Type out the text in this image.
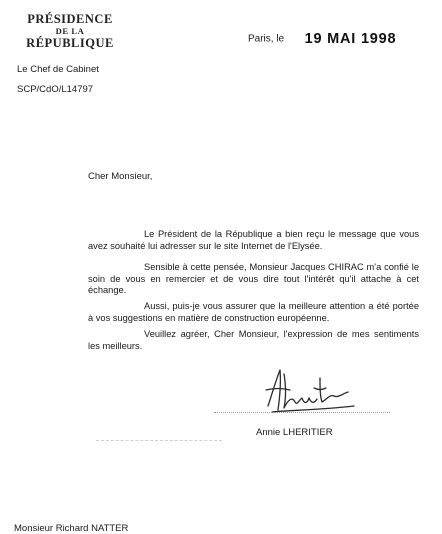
PRÉSIDENCE
DE LA
RÉPUBLIQUE
Le Chef de Cabinet
SCP/CdO/L14797
Paris, le 19 MAI 1998
Cher Monsieur,

Le Président de la République a bien reçu le message que vous avez souhaité lui adresser sur le site Internet de l'Elysée.

Sensible à cette pensée, Monsieur Jacques CHIRAC m'a confié le soin de vous en remercier et de vous dire tout l'intérêt qu'il attache à cet échange.

Aussi, puis-je vous assurer que la meilleure attention a été portée à vos suggestions en matière de construction européenne.

Veuillez agréer, Cher Monsieur, l'expression de mes sentiments les meilleurs.

Annie LHERITIER
Monsieur Richard NATTER
